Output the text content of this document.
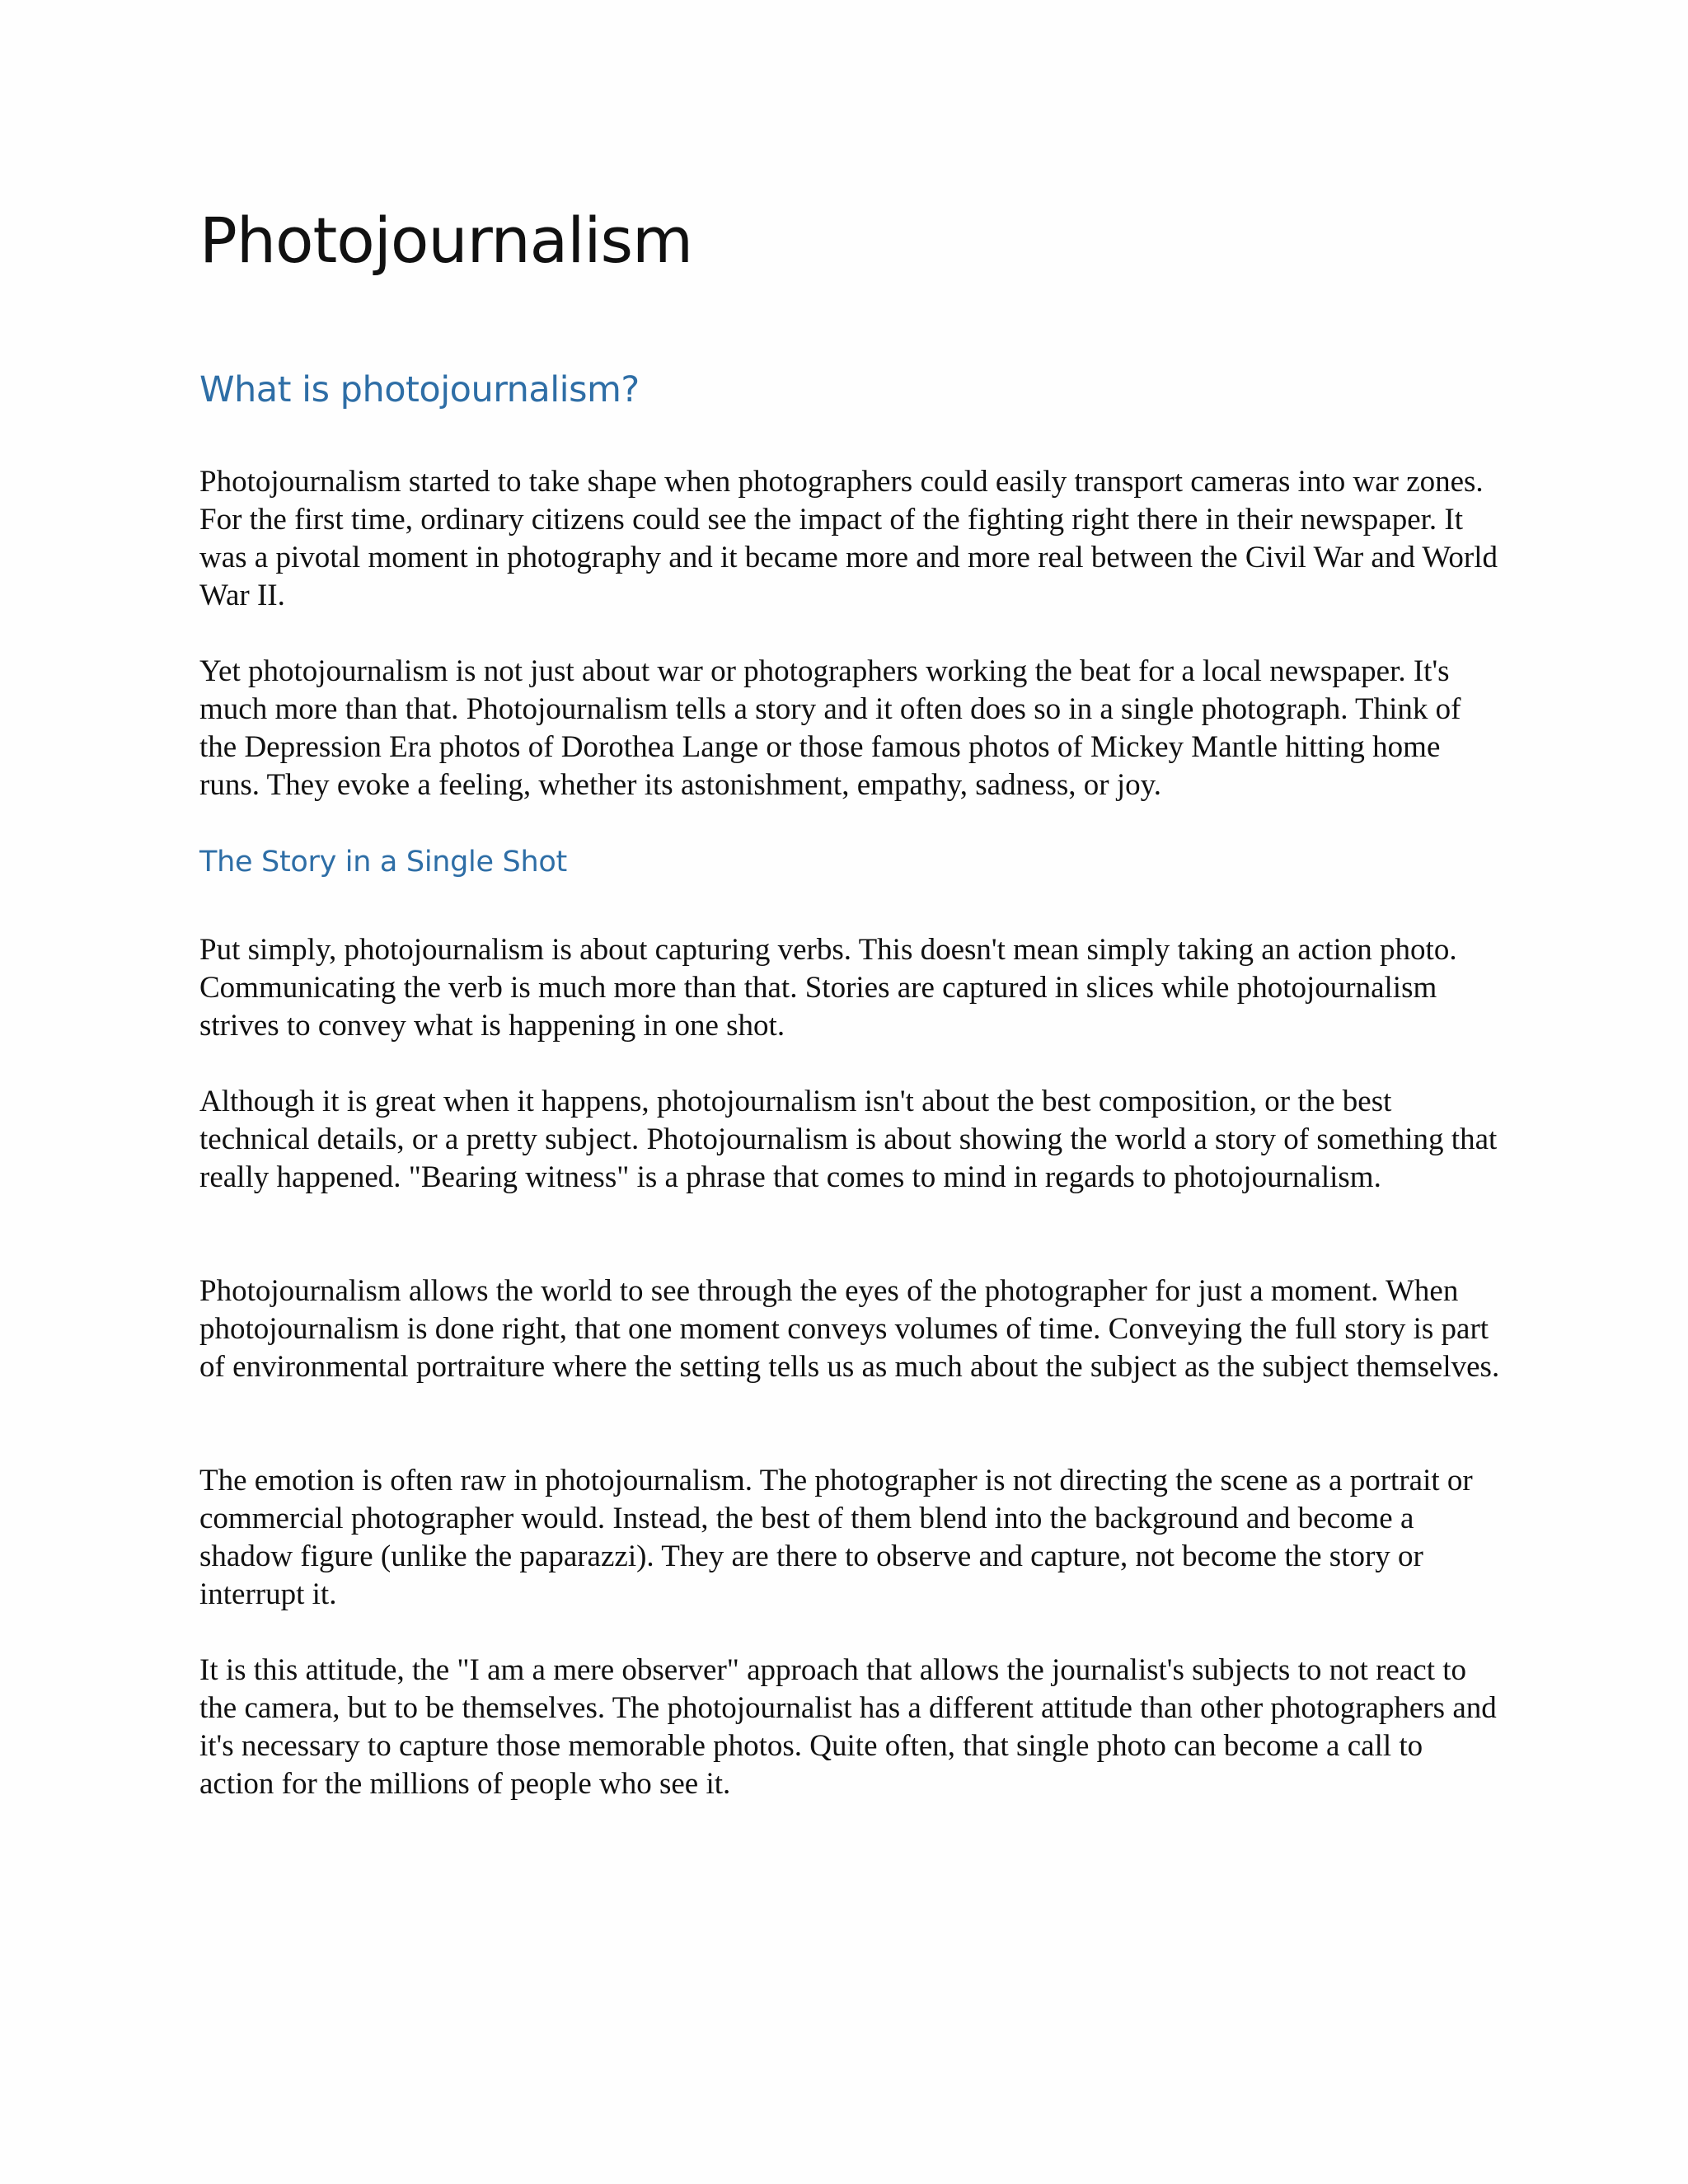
Photojournalism
What is photojournalism?

Photojournalism started to take shape when photographers could easily transport cameras into war zones. For the first time, ordinary citizens could see the impact of the fighting right there in their newspaper. It was a pivotal moment in photography and it became more and more real between the Civil War and World War II.

Yet photojournalism is not just about war or photographers working the beat for a local newspaper. It's much more than that. Photojournalism tells a story and it often does so in a single photograph. Think of the Depression Era photos of Dorothea Lange or those famous photos of Mickey Mantle hitting home runs. They evoke a feeling, whether its astonishment, empathy, sadness, or joy.

The Story in a Single Shot

Put simply, photojournalism is about capturing verbs. This doesn't mean simply taking an action photo. Communicating the verb is much more than that. Stories are captured in slices while photojournalism strives to convey what is happening in one shot.

Although it is great when it happens, photojournalism isn't about the best composition, or the best technical details, or a pretty subject. Photojournalism is about showing the world a story of something that really happened. "Bearing witness" is a phrase that comes to mind in regards to photojournalism.

Photojournalism allows the world to see through the eyes of the photographer for just a moment. When photojournalism is done right, that one moment conveys volumes of time. Conveying the full story is part of environmental portraiture where the setting tells us as much about the subject as the subject themselves.

The emotion is often raw in photojournalism. The photographer is not directing the scene as a portrait or commercial photographer would. Instead, the best of them blend into the background and become a shadow figure (unlike the paparazzi). They are there to observe and capture, not become the story or interrupt it.

It is this attitude, the "I am a mere observer" approach that allows the journalist's subjects to not react to the camera, but to be themselves. The photojournalist has a different attitude than other photographers and it's necessary to capture those memorable photos. Quite often, that single photo can become a call to action for the millions of people who see it.
